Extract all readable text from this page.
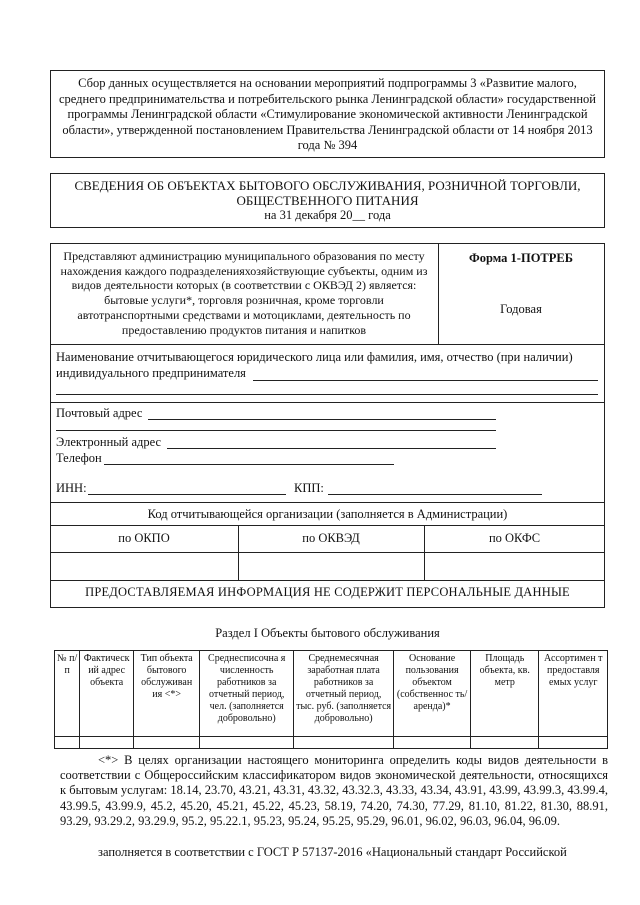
Сбор данных осуществляется на основании мероприятий подпрограммы 3 «Развитие малого, среднего предпринимательства и потребительского рынка Ленинградской области» государственной программы Ленинградской области «Стимулирование экономической активности Ленинградской области», утвержденной постановлением Правительства Ленинградской области от 14 ноября 2013 года № 394
СВЕДЕНИЯ ОБ ОБЪЕКТАХ БЫТОВОГО ОБСЛУЖИВАНИЯ, РОЗНИЧНОЙ ТОРГОВЛИ,
ОБЩЕСТВЕННОГО ПИТАНИЯ
на 31 декабря 20__ года
Представляют администрацию муниципального образования по месту нахождения каждого подразделенияхозяйствующие субъекты, одним из видов деятельности которых (в соответствии с ОКВЭД 2) является: бытовые услуги*, торговля розничная, кроме торговли автотранспортными средствами и мотоциклами, деятельность по предоставлению продуктов питания и напитков
Форма 1-ПОТРЕБ
Годовая
Наименование отчитывающегося юридического лица или фамилия, имя, отчество (при наличии)
индивидуального предпринимателя
Почтовый адрес
Электронный адрес
Телефон
ИНН:	КПП:
Код отчитывающейся организации (заполняется в Администрации)
по ОКПО	по ОКВЭД	по ОКФС
ПРЕДОСТАВЛЯЕМАЯ ИНФОРМАЦИЯ НЕ СОДЕРЖИТ ПЕРСОНАЛЬНЫЕ ДАННЫЕ
Раздел I Объекты бытового обслуживания
№ п/п	Фактическ ий адрес объекта	Тип объекта бытового обслуживан ия <*>	Среднесписочна я численность работников за отчетный период, чел. (заполняется добровольно)	Среднемесячная заработная плата работников за отчетный период, тыс. руб. (заполняется добровольно)	Основание пользования объектом (собственнос ть/аренда)*	Площадь объекта, кв. метр	Ассортимен т предоставля емых услуг

<*> В целях организации настоящего мониторинга определить коды видов деятельности в соответствии с Общероссийским классификатором видов экономической деятельности, относящихся к бытовым услугам: 18.14, 23.70, 43.21, 43.31, 43.32, 43.32.3, 43.33, 43.34, 43.91, 43.99, 43.99.3, 43.99.4, 43.99.5, 43.99.9, 45.2, 45.20, 45.21, 45.22, 45.23, 58.19, 74.20, 74.30, 77.29, 81.10, 81.22, 81.30, 88.91, 93.29, 93.29.2, 93.29.9, 95.2, 95.22.1, 95.23, 95.24, 95.25, 95.29, 96.01, 96.02, 96.03, 96.04, 96.09.
заполняется в соответствии с ГОСТ Р 57137-2016 «Национальный стандарт Российской
